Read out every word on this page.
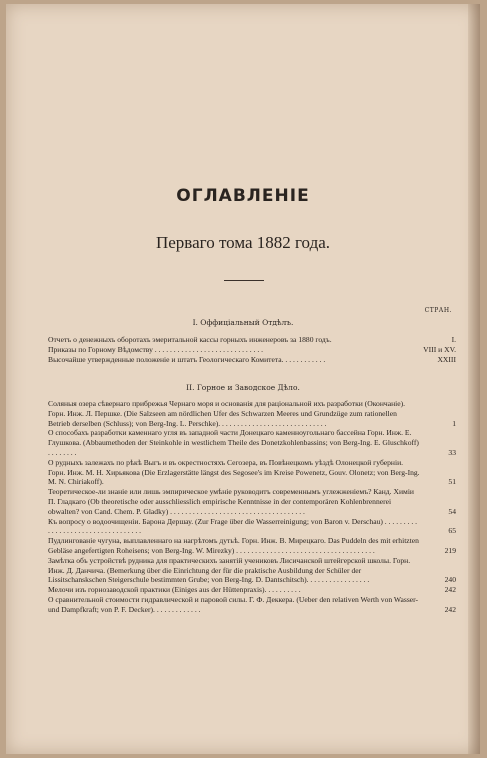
ОГЛАВЛЕНIЕ
Перваго тома 1882 года.
СТРАН.
I. Оффицiальный Отдѣлъ.
Отчетъ о денежныхъ оборотахъ эмеритальной кассы горныхъ инженеровъ за 1880 годъ.	I.
Приказы по Горному Вѣдомству . . . . . . . . . . . . . . . . . . . . . . . . . . . . .	VIII и XV.
Высочайше утвержденные положенiе и штатъ Геологическаго Комитета. . . . . . . . . . . .	XXIII
II. Горное и Заводское Дѣло.
Соляныя озера сѣвернаго прибрежья Чернаго моря и основанiя для рацiональной ихъ разработки (Окончанiе). Горн. Инж. Л. Першке. (Die Salzseen am nördlichen Ufer des Schwarzen Meeres und Grundzüge zum rationellen Betrieb derselben (Schluss); von Berg-Ing. L. Perschke). . . . . . . . . . . . . . . . . . . . . . . . . . . . .	1
О способахъ разработки каменнаго угля въ западной части Донецкаго каменноугольнаго бассейна Горн. Инж. Е. Глушкова. (Abbaumethoden der Steinkohle in westlichem Theile des Donetzkohlenbassins; von Berg-Ing. E. Gluschkoff) . . . . . . . .	33
О рудныхъ залежахъ по рѣкѣ Выгъ и въ окрестностяхъ Сегозера, въ Повѣнецкомъ уѣздѣ Олонецкой губернiи. Горн. Инж. М. Н. Хирьякова (Die Erzlagerstätte längst des Segosee's im Kreise Powenetz, Gouv. Olonetz; von Berg-Ing. M. N. Chiriakoff).	51
Теоретическое-ли знанiе или лишь эмпирическое умѣнiе руководитъ современнымъ углежженiемъ? Канд. Химiи П. Гладкаго (Ob theoretische oder ausschliesslich empirische Kenntnisse in der contemporären Kohlenbrennerei obwalten? von Cand. Chem. P. Gladky) . . . . . . . . . . . . . . . . . . . . . . . . . . . . . . . . . . . .	54
Къ вопросу о водоочищенiи. Барона Дершау. (Zur Frage über die Wasserreinigung; von Baron v. Derschau) . . . . . . . . . . . . . . . . . . . . . . . . . . . . . . . . . .	65
Пудлингованiе чугуна, выплавленнаго на нагрѣтомъ дутьѣ. Горн. Инж. В. Мирецкаго. Das Puddeln des mit erhitzten Gebläse angefertigten Roheisens; von Berg-Ing. W. Mirezky) . . . . . . . . . . . . . . . . . . . . . . . . . . . . . . . . . . . . .	219
Замѣтка объ устройствѣ рудника для практическихъ занятiй учениковъ Лисичанской штейгерской школы. Горн. Инж. Д. Данчича. (Bemerkung über die Einrichtung der für die praktische Ausbildung der Schüler der Lissitschanskschen Steigerschule bestimmten Grube; von Berg-Ing. D. Dantschitsch). . . . . . . . . . . . . . . . .	240
Мелочи изъ горнозаводской практики (Einiges aus der Hüttenpraxis). . . . . . . . . .	242
О сравнительной стоимости гидравлической и паровой силы. Г. Ф. Деккера. (Ueber den relativen Werth von Wasser-und Dampfkraft; von P. F. Decker). . . . . . . . . . . . .	242
